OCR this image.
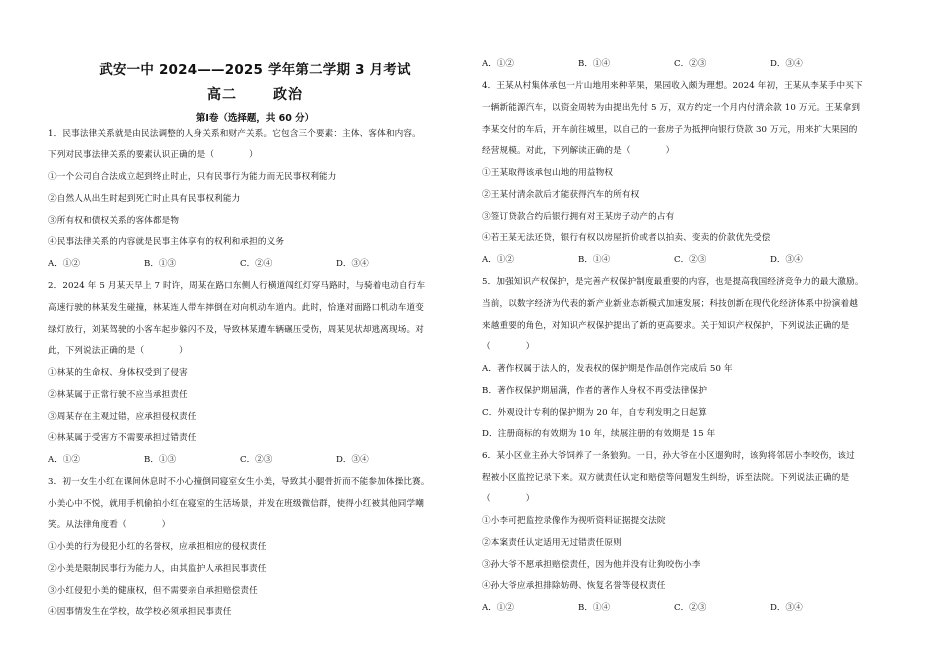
武安一中 2024——2025 学年第二学期 3 月考试
高二	政治
第Ⅰ卷（选择题，共 60 分）
1．民事法律关系就是由民法调整的人身关系和财产关系。它包含三个要素：主体、客体和内容。
下列对民事法律关系的要素认识正确的是（　　　　）
①一个公司自合法成立起到终止时止，只有民事行为能力而无民事权利能力
②自然人从出生时起到死亡时止具有民事权利能力
③所有权和债权关系的客体都是物
④民事法律关系的内容就是民事主体享有的权利和承担的义务
A．①②	B．①③	C．②④	D．③④
2．2024 年 5 月某天早上 7 时许，周某在路口东侧人行横道闯红灯穿马路时，与骑着电动自行车
高速行驶的林某发生碰撞，林某连人带车摔倒在对向机动车道内。此时，恰逢对面路口机动车道变
绿灯放行，刘某驾驶的小客车起步躲闪不及，导致林某遭车辆碾压受伤，周某见状却逃离现场。对
此，下列说法正确的是（　　　　）
①林某的生命权、身体权受到了侵害
②林某属于正常行驶不应当承担责任
③周某存在主观过错，应承担侵权责任
④林某属于受害方不需要承担过错责任
A．①②	B．①③	C．②③	D．③④
3．初一女生小红在课间休息时不小心撞倒同寝室女生小美，导致其小腿骨折而不能参加体操比赛。
小美心中不悦，就用手机偷拍小红在寝室的生活场景，并发在班级微信群，使得小红被其他同学嘲
笑。从法律角度看（　　　　）
①小美的行为侵犯小红的名誉权，应承担相应的侵权责任
②小美是限制民事行为能力人，由其监护人承担民事责任
③小红侵犯小美的健康权，但不需要亲自承担赔偿责任
④因事情发生在学校，故学校必须承担民事责任
A．①②	B．①④	C．②③	D．③④
4．王某从村集体承包一片山地用来种苹果，果园收入颇为理想。2024 年初，王某从李某手中买下
一辆新能源汽车，以资金周转为由提出先付 5 万，双方约定一个月内付清余款 10 万元。王某拿到
李某交付的车后，开车前往城里，以自己的一套房子为抵押向银行贷款 30 万元，用来扩大果园的
经营规模。对此，下列解读正确的是（　　　　）
①王某取得该承包山地的用益物权
②王某付清余款后才能获得汽车的所有权
③签订贷款合约后银行拥有对王某房子动产的占有
④若王某无法还贷，银行有权以房屋折价或者以拍卖、变卖的价款优先受偿
A．①②	B．①④	C．②③	D．③④
5．加强知识产权保护，是完善产权保护制度最重要的内容，也是提高我国经济竞争力的最大激励。
当前，以数字经济为代表的新产业新业态新模式加速发展；科技创新在现代化经济体系中扮演着越
来越重要的角色，对知识产权保护提出了新的更高要求。关于知识产权保护，下列说法正确的是
（　　　　）
A．著作权属于法人的，发表权的保护期是作品创作完成后 50 年
B．著作权保护期届满，作者的著作人身权不再受法律保护
C．外观设计专利的保护期为 20 年，自专利发明之日起算
D．注册商标的有效期为 10 年，续展注册的有效期是 15 年
6．某小区业主孙大爷饲养了一条狼狗。一日，孙大爷在小区遛狗时，该狗将邻居小李咬伤，该过
程被小区监控记录下来。双方就责任认定和赔偿等问题发生纠纷，诉至法院。下列说法正确的是
（　　　　）
①小李可把监控录像作为视听资料证据提交法院
②本案责任认定适用无过错责任原则
③孙大爷不愿承担赔偿责任，因为他并没有让狗咬伤小李
④孙大爷应承担排除妨碍、恢复名誉等侵权责任
A．①②	B．①④	C．②③	D．③④
